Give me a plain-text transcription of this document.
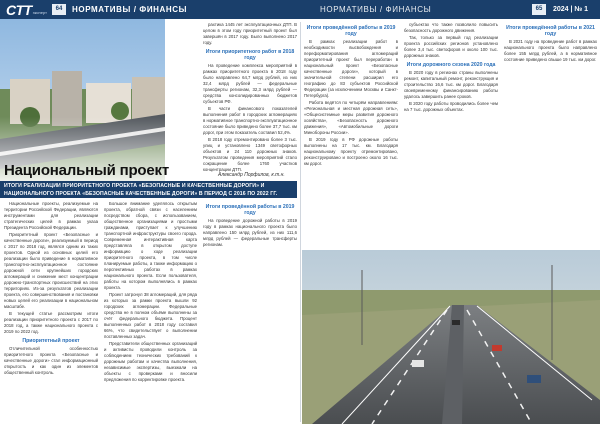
CTT эксперт
64	НОРМАТИВЫ / ФИНАНСЫ	НОРМАТИВЫ / ФИНАНСЫ	65	2024 | № 1
Национальный проект	Александр Порфилов, к.т.н.
ИТОГИ РЕАЛИЗАЦИИ ПРИОРИТЕТНОГО ПРОЕКТА «БЕЗОПАСНЫЕ И КАЧЕСТВЕННЫЕ ДОРОГИ» И
НАЦИОНАЛЬНОГО ПРОЕКТА «БЕЗОПАСНЫЕ КАЧЕСТВЕННЫЕ ДОРОГИ» В ПЕРИОД С 2016 ПО 2022 ГГ.

Национальные проекты, реализуемые на территории Российской Федерации, являются инструментами для реализации стратегических целей в рамках указа Президента Российской Федерации.

Приоритетный проект «Безопасные и качественные дороги», реализуемый в период с 2017 по 2018 год, являлся одним из таких проектов. Одной из основных целей его реализации было приведение в нормативное транспортно-эксплуатационное состояние дорожной сети крупнейших городских агломераций и снижение мест концентрации дорожно-транспортных происшествий на этих территориях. Из-за результатов реализации проекта, его совершенствования и постановки новых целей его реализации в национальном масштабе.

В текущей статье рассмотрим итоги реализации приоритетного проекта с 2017 по 2018 год, а также национального проекта с 2019 по 2022 год.

Приоритетный проект

Отличительной особенностью приоритетного проекта «Безопасные и качественные дороги» стал информационный открытость и как один из элементов общественный контроль.

Большое внимание уделялось открытым проекта, обратной связи с населением посредством сбора, с использованием, общественное организациями и простыми гражданами, приступает к улучшению транспортной инфраструктуры своего города. Современная интерактивная карта представляла в открытом доступе информацию о ходе реализации приоритетного проекта, в том числе планируемые работы, а также информацию о перспективных работах в рамках национального проекта. Если пользователя, работы на котором выполнялись в рамках проекта.

Проект затронул 38 агломераций, для ряда из которых за рамки проекта вышли 92 городских агломерации. Федеральные средства не в полном объёме выполнены за счёт федерального бюджета. Процент выполненных работ в 2018 году составил 66%, что свидетельствует о выполнении поставленных задач.

Представители общественных организаций и активисты проводили контроль за соблюдением технических требований к дорожным работам и качества выполнения, независимые экспертизы, выезжали на объекты с проверками и вносили предложения по корректировке проекта.

рахтика 1445 лет эксплуатационных ДТП. В целом в этом году приоритетный проект был завершён в 2017 году. Было выполнено 2017 году.

Итоги приоритетного работ в 2018 году

На проведение комплекса мероприятий в рамках приоритетного проекта в 2018 году было направлено 64,7 млрд рублей, из них 32,4 млрд рублей — федеральные трансферты регионам, 32,3 млрд рублей — средства консолидированных бюджетов субъектов РФ.

В части финансового показателей выполнения работ в городских агломерациях в нормативное транспортно-эксплуатационное состояние было приведено более 37,7 тыс. км дорог, при этом показатель составил 52,4%.

В 2018 году отремонтировано более 3 тыс. улиц и установлено 1349 светофорных объектов и 24 110 дорожных знаков. Результатом проведения мероприятий стало сокращение более 1760 участков концентрации ДТП.

Итоги проведённой работы в 2019 году

На проведение дорожной работы в 2019 году в рамках национального проекта было направлено 150 млрд рублей, из них 111,6 млрд рублей — федеральные трансферты регионам.

Итоги проведённой работы в 2019 году

В рамках реализации работ в необходимости высвобождения и переформатирования агломераций приоритетный проект был переработан в национальный проект «Безопасные качественные дороги», который в значительной степени расширил его географию до 83 субъектов Российской Федерации (за исключением Москвы и Санкт-Петербурга).

Работа ведётся по четырём направлениям: «Региональная и местная дорожная сеть», «Общесистемные меры развития дорожного хозяйства», «Безопасность дорожного движения», «Автомобильные дороги Минобороны России».

В 2019 году в РФ дорожные работы выполнены на 17 тыс. км. Благодаря национальному проекту отремонтировано, реконструировано и построено около 16 тыс. км дорог.

субъектах что также позволило повысить безопасность дорожного движения.

Так, только за первый год реализации проекта российских регионов установлено более 3,4 тыс. светофоров и около 100 тыс. дорожных знаков.

Итоги дорожного сезона 2020 года

В 2020 году в регионах страны выполнены ремонт, капитальный ремонт, реконструкция и строительство 16,6 тыс. км дорог. Благодаря своевременному финансированию работы удалось завершить ранее сроков.

В 2020 году работы проводились более чем на 7 тыс. дорожных объектах.

Итоги проведённой работы в 2021 году

В 2021 году на проведение работ в рамках национального проекта было направлено более 155 млрд рублей, а в нормативное состояние приведено свыше 19 тыс. км дорог.
